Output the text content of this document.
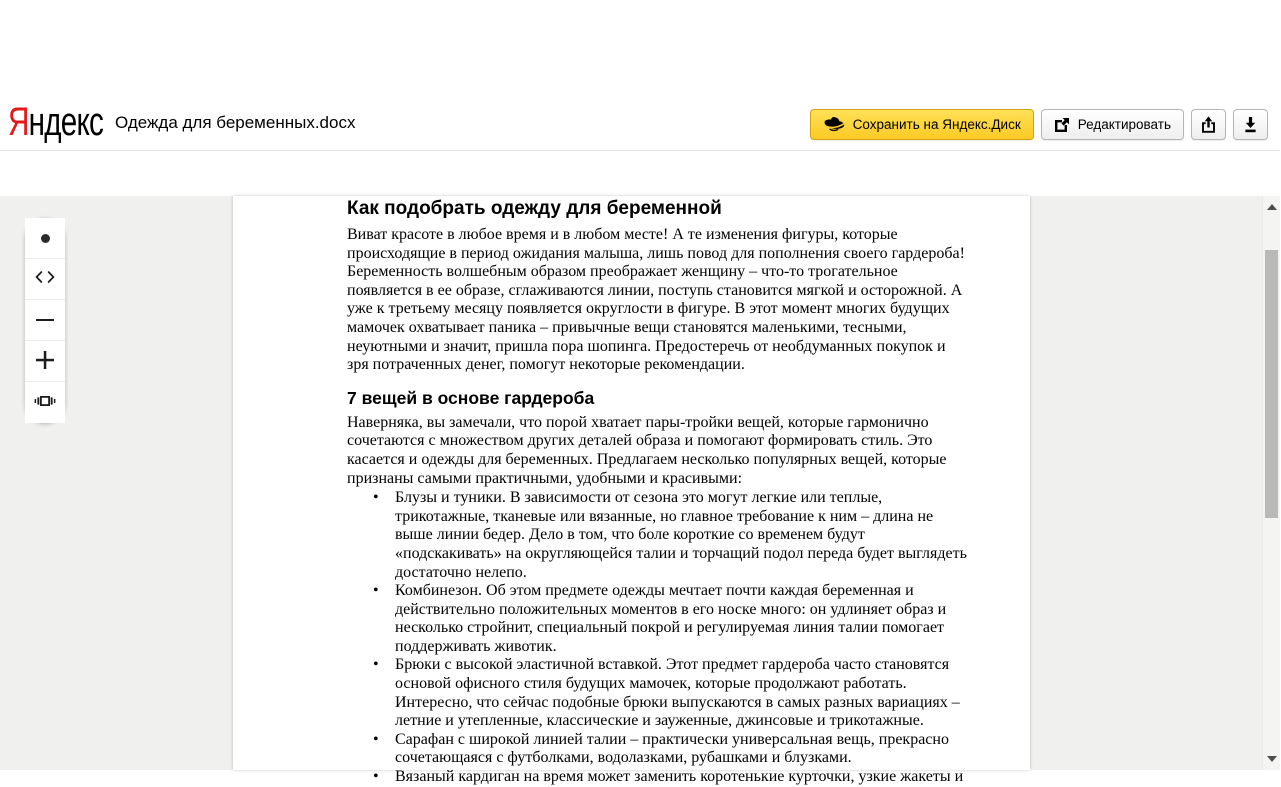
Яндекс Одежда для беременных.docx	Сохранить на Яндекс.Диск	Редактировать
Как подобрать одежду для беременной

Виват красоте в любое время и в любом месте! А те изменения фигуры, которые происходящие в период ожидания малыша, лишь повод для пополнения своего гардероба! Беременность волшебным образом преображает женщину – что-то трогательное появляется в ее образе, сглаживаются линии, поступь становится мягкой и осторожной. А уже к третьему месяцу появляется округлости в фигуре. В этот момент многих будущих мамочек охватывает паника – привычные вещи становятся маленькими, тесными, неуютными и значит, пришла пора шопинга. Предостеречь от необдуманных покупок и зря потраченных денег, помогут некоторые рекомендации.

7 вещей в основе гардероба

Наверняка, вы замечали, что порой хватает пары-тройки вещей, которые гармонично сочетаются с множеством других деталей образа и помогают формировать стиль. Это касается и одежды для беременных. Предлагаем несколько популярных вещей, которые признаны самыми практичными, удобными и красивыми:

• Блузы и туники. В зависимости от сезона это могут легкие или теплые, трикотажные, тканевые или вязанные, но главное требование к ним – длина не выше линии бедер. Дело в том, что боле короткие со временем будут «подскакивать» на округляющейся талии и торчащий подол переда будет выглядеть достаточно нелепо.
• Комбинезон. Об этом предмете одежды мечтает почти каждая беременная и действительно положительных моментов в его носке много: он удлиняет образ и несколько стройнит, специальный покрой и регулируемая линия талии помогает поддерживать животик.
• Брюки с высокой эластичной вставкой. Этот предмет гардероба часто становятся основой офисного стиля будущих мамочек, которые продолжают работать. Интересно, что сейчас подобные брюки выпускаются в самых разных вариациях – летние и утепленные, классические и зауженные, джинсовые и трикотажные.
• Сарафан с широкой линией талии – практически универсальная вещь, прекрасно сочетающаяся с футболками, водолазками, рубашками и блузками.
• Вязаный кардиган на время может заменить коротенькие курточки, узкие жакеты и
